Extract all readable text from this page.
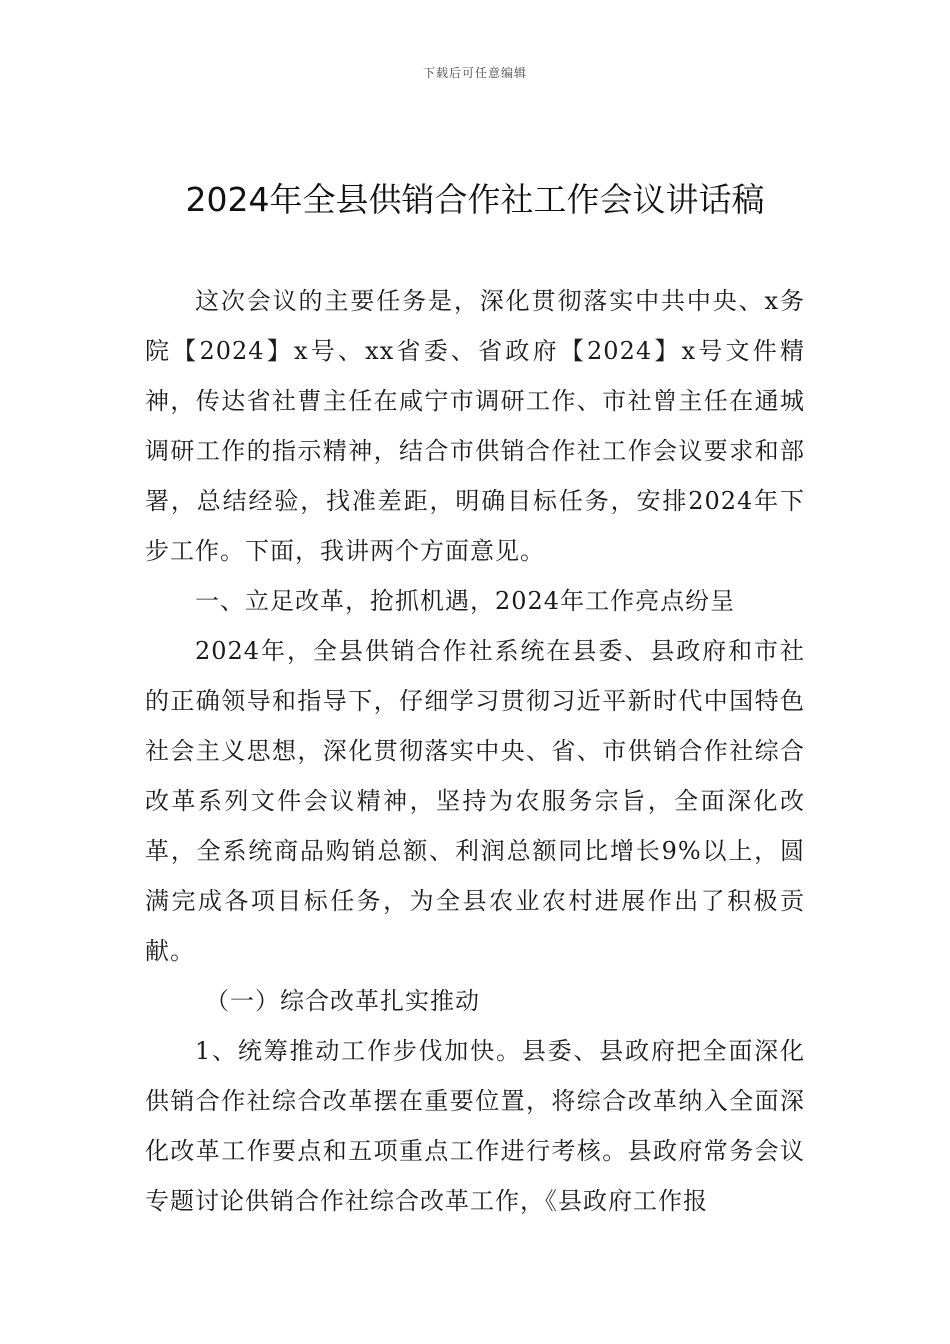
下载后可任意编辑
2024年全县供销合作社工作会议讲话稿

这次会议的主要任务是，深化贯彻落实中共中央、x务院【2024】x号、xx省委、省政府【2024】x号文件精神，传达省社曹主任在咸宁市调研工作、市社曾主任在通城调研工作的指示精神，结合市供销合作社工作会议要求和部署，总结经验，找准差距，明确目标任务，安排2024年下步工作。下面，我讲两个方面意见。

一、立足改革，抢抓机遇，2024年工作亮点纷呈

2024年，全县供销合作社系统在县委、县政府和市社的正确领导和指导下，仔细学习贯彻习近平新时代中国特色社会主义思想，深化贯彻落实中央、省、市供销合作社综合改革系列文件会议精神，坚持为农服务宗旨，全面深化改革，全系统商品购销总额、利润总额同比增长9%以上，圆满完成各项目标任务，为全县农业农村进展作出了积极贡献。

（一）综合改革扎实推动

1、统筹推动工作步伐加快。县委、县政府把全面深化供销合作社综合改革摆在重要位置，将综合改革纳入全面深化改革工作要点和五项重点工作进行考核。县政府常务会议专题讨论供销合作社综合改革工作，《县政府工作报
